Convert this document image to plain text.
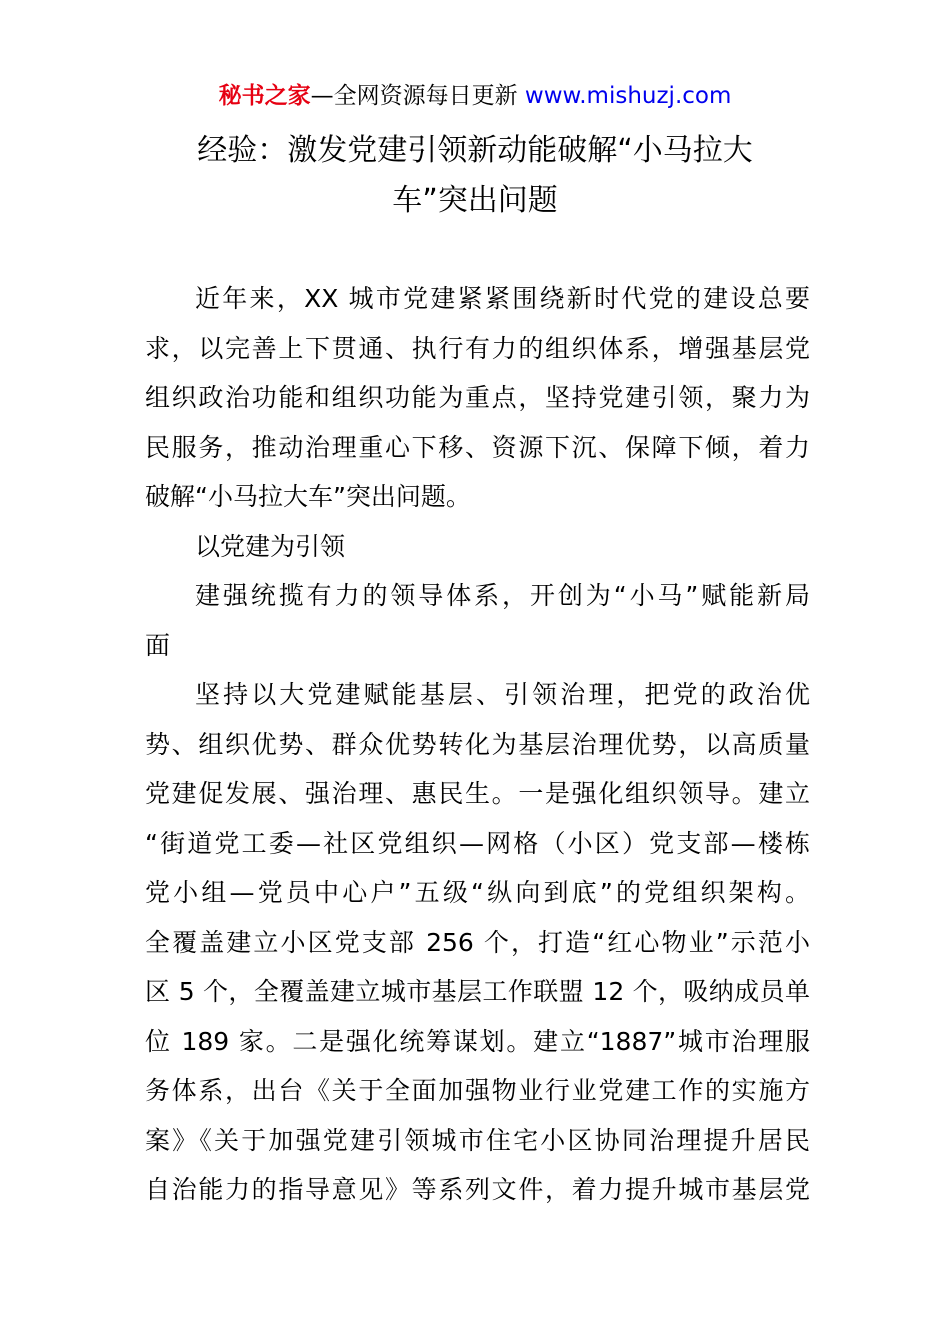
秘书之家—全网资源每日更新 www.mishuzj.com
经验：激发党建引领新动能破解“小马拉大
车”突出问题
近年来，XX 城市党建紧紧围绕新时代党的建设总要
求，以完善上下贯通、执行有力的组织体系，增强基层党
组织政治功能和组织功能为重点，坚持党建引领，聚力为
民服务，推动治理重心下移、资源下沉、保障下倾，着力
破解“小马拉大车”突出问题。
以党建为引领
建强统揽有力的领导体系，开创为“小马”赋能新局
面
坚持以大党建赋能基层、引领治理，把党的政治优
势、组织优势、群众优势转化为基层治理优势，以高质量
党建促发展、强治理、惠民生。一是强化组织领导。建立
“街道党工委—社区党组织—网格（小区）党支部—楼栋
党小组—党员中心户”五级“纵向到底”的党组织架构。
全覆盖建立小区党支部 256 个，打造“红心物业”示范小
区 5 个，全覆盖建立城市基层工作联盟 12 个，吸纳成员单
位 189 家。二是强化统筹谋划。建立“1887”城市治理服
务体系，出台《关于全面加强物业行业党建工作的实施方
案》《关于加强党建引领城市住宅小区协同治理提升居民
自治能力的指导意见》等系列文件，着力提升城市基层党
